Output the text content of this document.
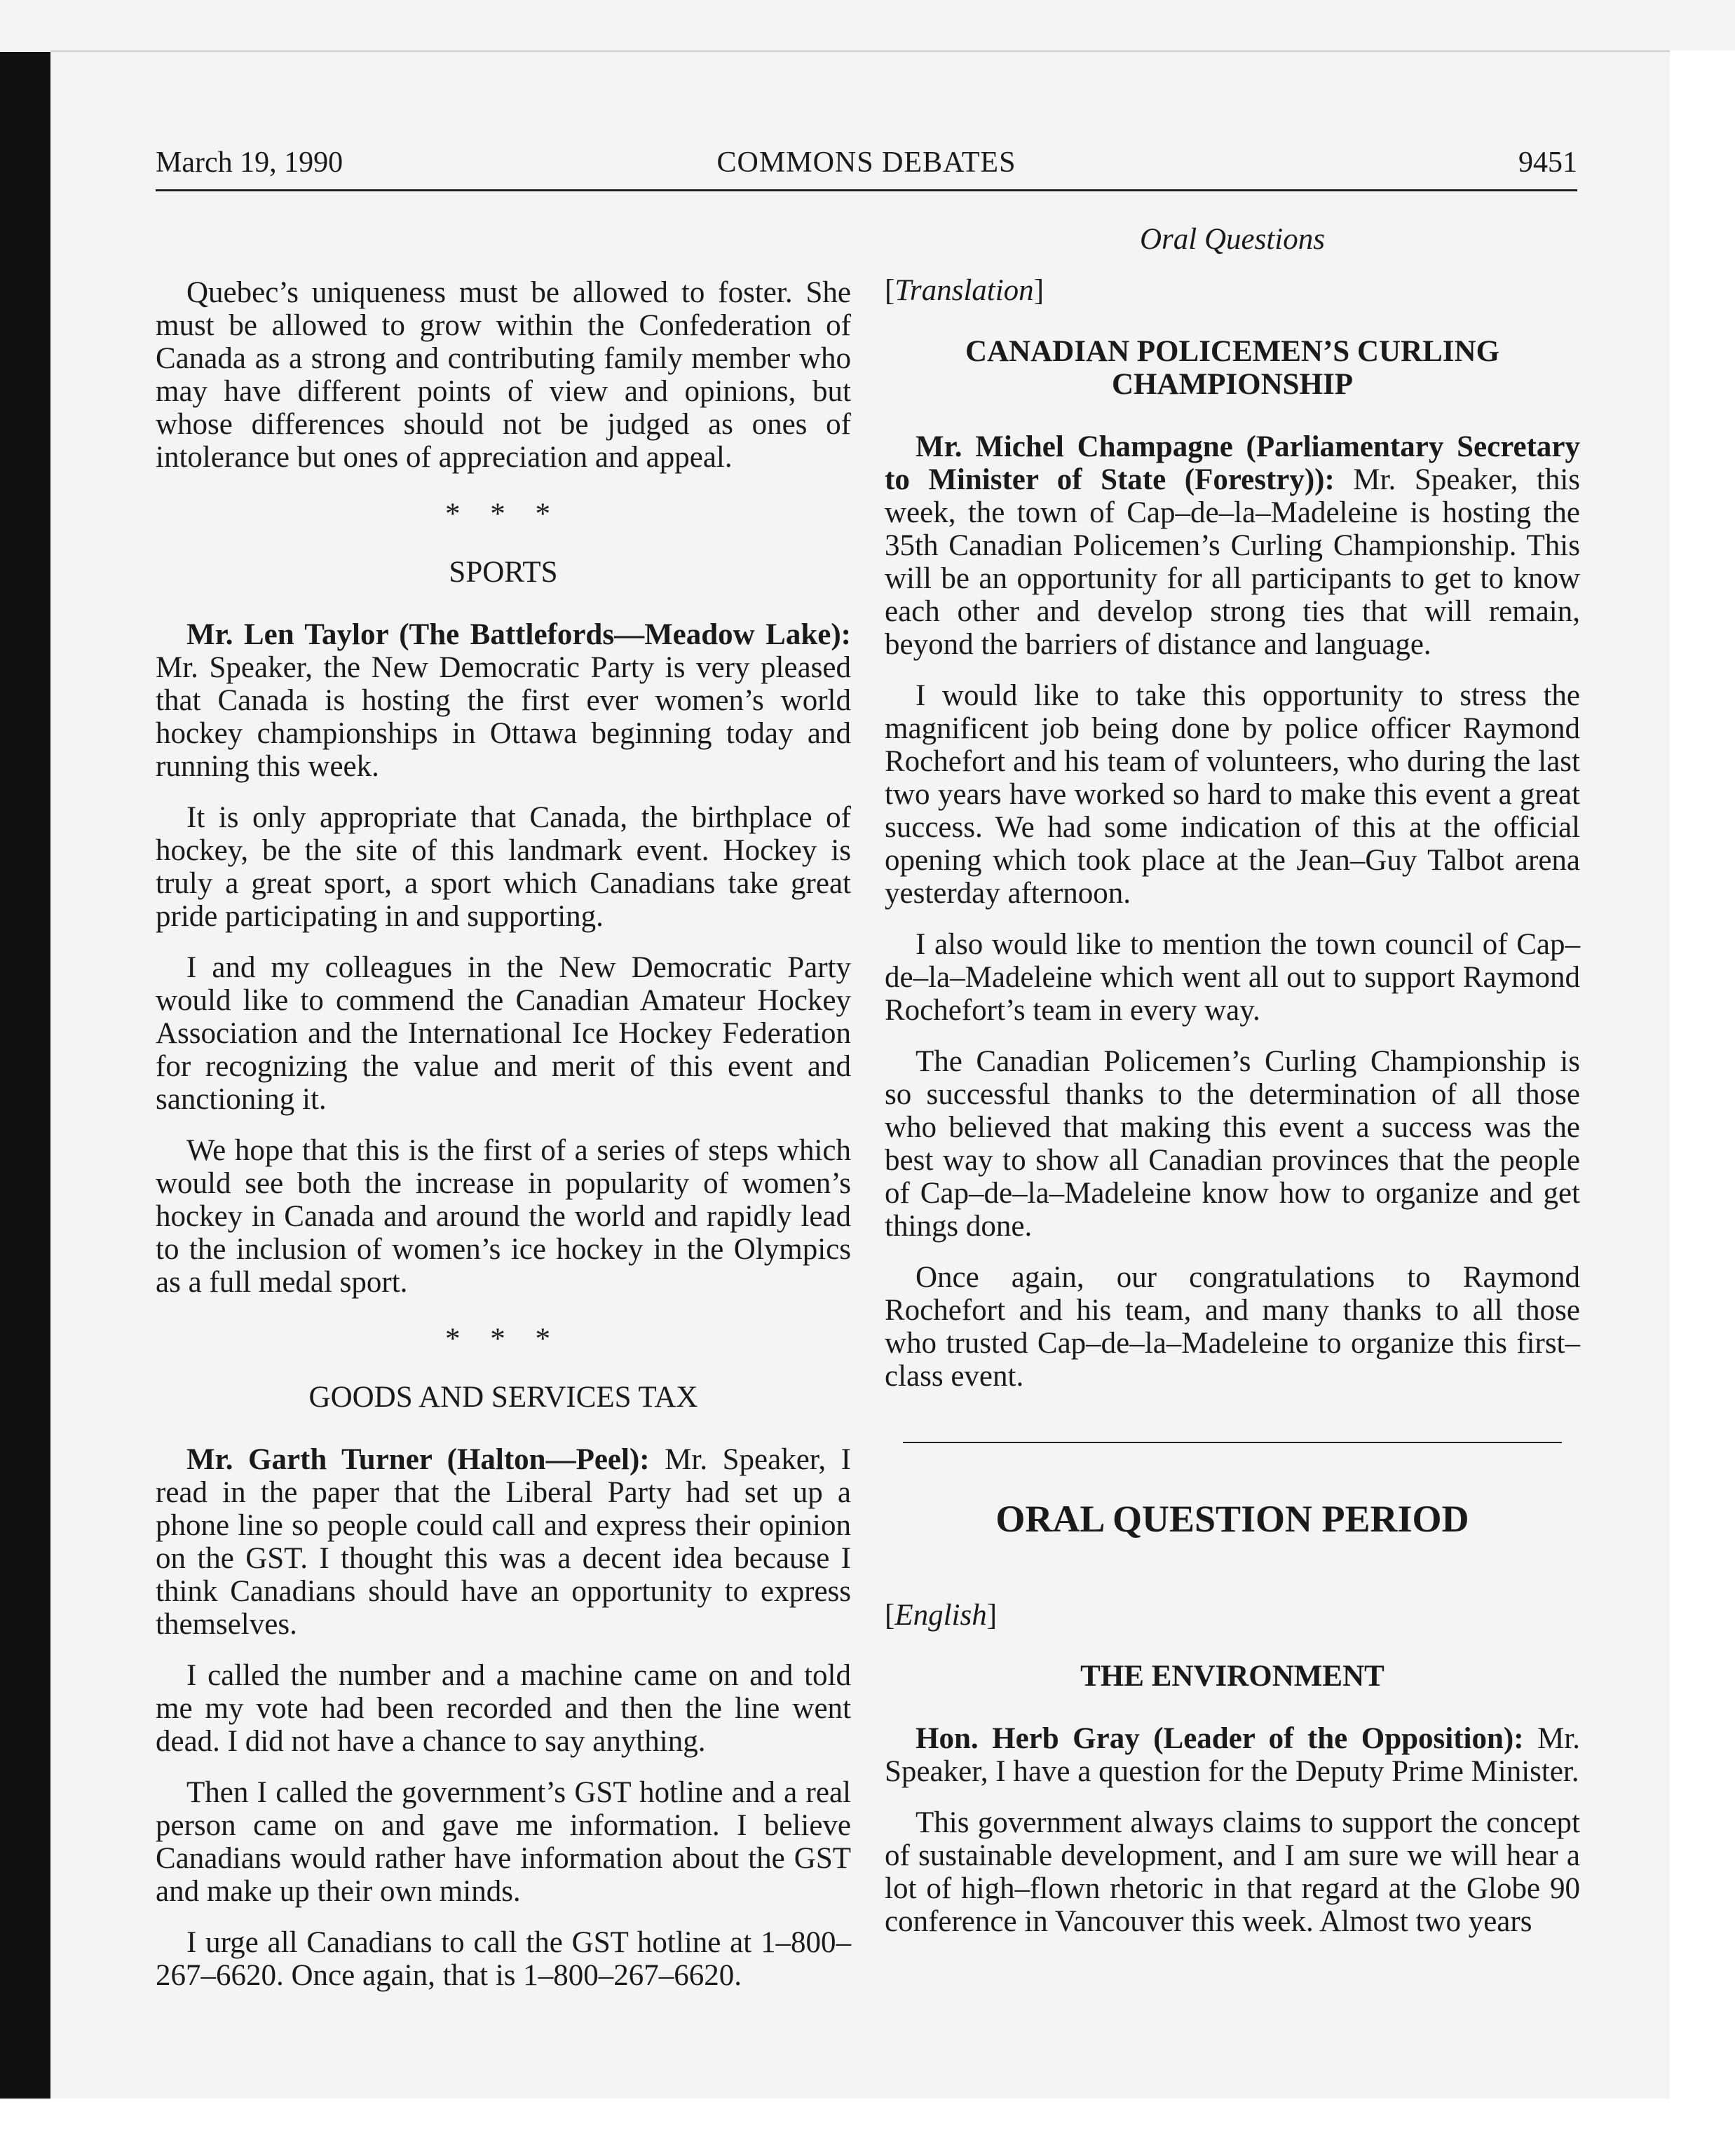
March 19, 1990	COMMONS DEBATES	9451

Quebec’s uniqueness must be allowed to foster. She must be allowed to grow within the Confederation of Canada as a strong and contributing family member who may have different points of view and opinions, but whose differences should not be judged as ones of intolerance but ones of appreciation and appeal.

* * *
SPORTS

Mr. Len Taylor (The Battlefords—Meadow Lake): Mr. Speaker, the New Democratic Party is very pleased that Canada is hosting the first ever women’s world hockey championships in Ottawa beginning today and running this week.

It is only appropriate that Canada, the birthplace of hockey, be the site of this landmark event. Hockey is truly a great sport, a sport which Canadians take great pride participating in and supporting.

I and my colleagues in the New Democratic Party would like to commend the Canadian Amateur Hockey Association and the International Ice Hockey Federation for recognizing the value and merit of this event and sanctioning it.

We hope that this is the first of a series of steps which would see both the increase in popularity of women’s hockey in Canada and around the world and rapidly lead to the inclusion of women’s ice hockey in the Olympics as a full medal sport.

* * *
GOODS AND SERVICES TAX

Mr. Garth Turner (Halton—Peel): Mr. Speaker, I read in the paper that the Liberal Party had set up a phone line so people could call and express their opinion on the GST. I thought this was a decent idea because I think Canadians should have an opportunity to express themselves.

I called the number and a machine came on and told me my vote had been recorded and then the line went dead. I did not have a chance to say anything.

Then I called the government’s GST hotline and a real person came on and gave me information. I believe Canadians would rather have information about the GST and make up their own minds.

I urge all Canadians to call the GST hotline at 1–800–267–6620. Once again, that is 1–800–267–6620.

Oral Questions
[Translation]
CANADIAN POLICEMEN’S CURLING CHAMPIONSHIP

Mr. Michel Champagne (Parliamentary Secretary to Minister of State (Forestry)): Mr. Speaker, this week, the town of Cap–de–la–Madeleine is hosting the 35th Canadian Policemen’s Curling Championship. This will be an opportunity for all participants to get to know each other and develop strong ties that will remain, beyond the barriers of distance and language.

I would like to take this opportunity to stress the magnificent job being done by police officer Raymond Rochefort and his team of volunteers, who during the last two years have worked so hard to make this event a great success. We had some indication of this at the official opening which took place at the Jean–Guy Talbot arena yesterday afternoon.

I also would like to mention the town council of Cap–de–la–Madeleine which went all out to support Raymond Rochefort’s team in every way.

The Canadian Policemen’s Curling Championship is so successful thanks to the determination of all those who believed that making this event a success was the best way to show all Canadian provinces that the people of Cap–de–la–Madeleine know how to organize and get things done.

Once again, our congratulations to Raymond Rochefort and his team, and many thanks to all those who trusted Cap–de–la–Madeleine to organize this first–class event.

ORAL QUESTION PERIOD
[English]
THE ENVIRONMENT

Hon. Herb Gray (Leader of the Opposition): Mr. Speaker, I have a question for the Deputy Prime Minister.

This government always claims to support the concept of sustainable development, and I am sure we will hear a lot of high–flown rhetoric in that regard at the Globe 90 conference in Vancouver this week. Almost two years
